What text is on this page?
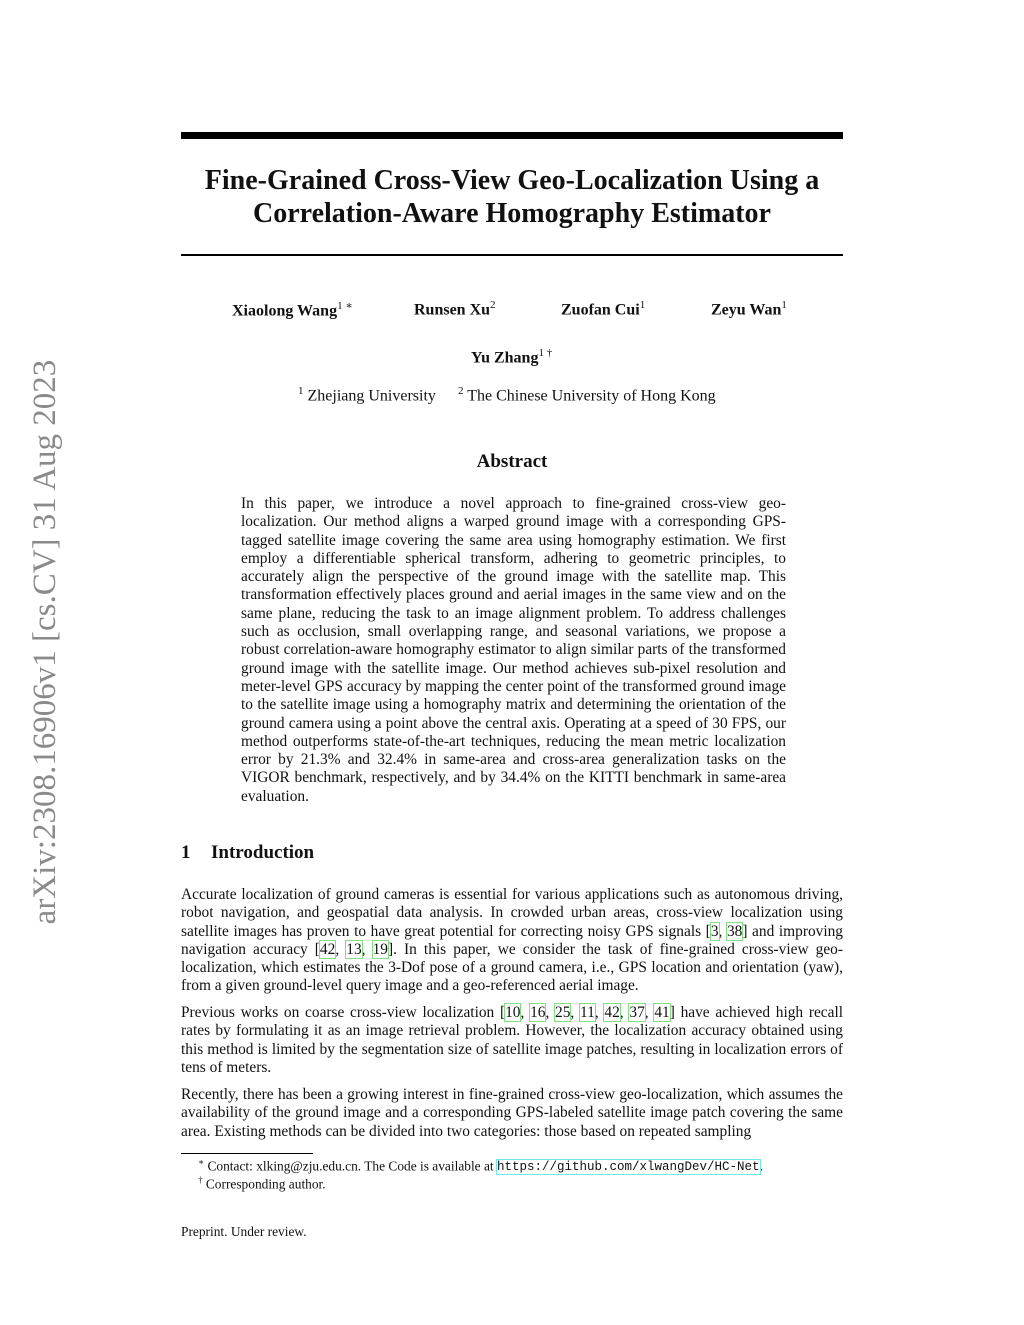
arXiv:2308.16906v1 [cs.CV] 31 Aug 2023
Fine-Grained Cross-View Geo-Localization Using a
Correlation-Aware Homography Estimator
Xiaolong Wang$^{1 ∗}$	Runsen Xu$^2$	Zuofan Cui$^1$	Zeyu Wan$^1$
Yu Zhang$^{1 \dagger}$
$^1$ Zhejiang University $^2$ The Chinese University of Hong Kong
Abstract

In this paper, we introduce a novel approach to fine-grained cross-view geo-localization. Our method aligns a warped ground image with a corresponding GPS-tagged satellite image covering the same area using homography estimation. We first employ a differentiable spherical transform, adhering to geometric principles, to accurately align the perspective of the ground image with the satellite map. This transformation effectively places ground and aerial images in the same view and on the same plane, reducing the task to an image alignment problem. To address challenges such as occlusion, small overlapping range, and seasonal variations, we propose a robust correlation-aware homography estimator to align similar parts of the transformed ground image with the satellite image. Our method achieves sub-pixel resolution and meter-level GPS accuracy by mapping the center point of the transformed ground image to the satellite image using a homography matrix and determining the orientation of the ground camera using a point above the central axis. Operating at a speed of 30 FPS, our method outperforms state-of-the-art techniques, reducing the mean metric localization error by 21.3% and 32.4% in same-area and cross-area generalization tasks on the VIGOR benchmark, respectively, and by 34.4% on the KITTI benchmark in same-area evaluation.

1 Introduction

Accurate localization of ground cameras is essential for various applications such as autonomous driving, robot navigation, and geospatial data analysis. In crowded urban areas, cross-view localization using satellite images has proven to have great potential for correcting noisy GPS signals [3, 38] and improving navigation accuracy [42, 13, 19]. In this paper, we consider the task of fine-grained cross-view geo-localization, which estimates the 3-Dof pose of a ground camera, i.e., GPS location and orientation (yaw), from a given ground-level query image and a geo-referenced aerial image.

Previous works on coarse cross-view localization [10, 16, 25, 11, 42, 37, 41] have achieved high recall rates by formulating it as an image retrieval problem. However, the localization accuracy obtained using this method is limited by the segmentation size of satellite image patches, resulting in localization errors of tens of meters.

Recently, there has been a growing interest in fine-grained cross-view geo-localization, which assumes the availability of the ground image and a corresponding GPS-labeled satellite image patch covering the same area. Existing methods can be divided into two categories: those based on repeated sampling

∗ Contact: xlking@zju.edu.cn. The Code is available at https://github.com/xlwangDev/HC-Net.
† Corresponding author.
Preprint. Under review.
